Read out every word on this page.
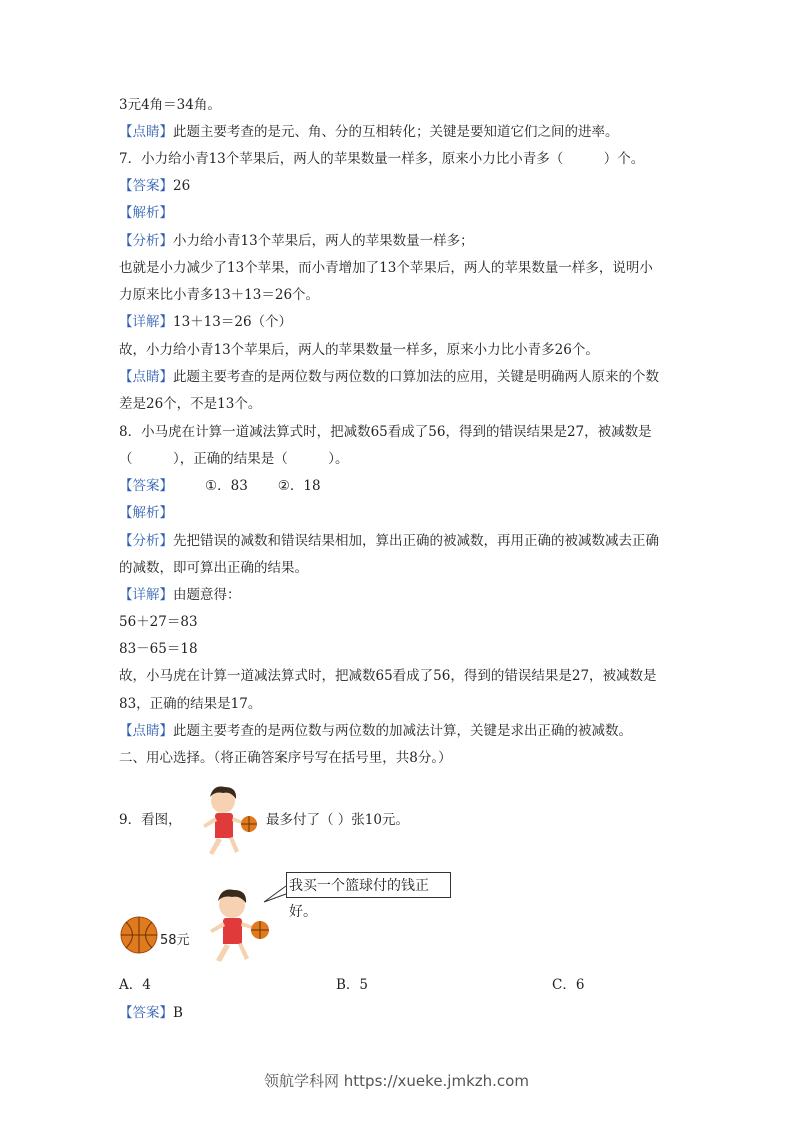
3元4角＝34角。
【点睛】此题主要考查的是元、角、分的互相转化；关键是要知道它们之间的进率。
7．小力给小青13个苹果后，两人的苹果数量一样多，原来小力比小青多（　　　）个。
【答案】26
【解析】
【分析】小力给小青13个苹果后，两人的苹果数量一样多；
也就是小力减少了13个苹果，而小青增加了13个苹果后，两人的苹果数量一样多，说明小
力原来比小青多13＋13＝26个。
【详解】13＋13＝26（个）
故，小力给小青13个苹果后，两人的苹果数量一样多，原来小力比小青多26个。
【点睛】此题主要考查的是两位数与两位数的口算加法的应用，关键是明确两人原来的个数
差是26个，不是13个。
8．小马虎在计算一道减法算式时，把减数65看成了56，得到的错误结果是27，被减数是
（　　　），正确的结果是（　　　）。
【答案】 ①．83 ②．18
【解析】
【分析】先把错误的减数和错误结果相加，算出正确的被减数，再用正确的被减数减去正确
的减数，即可算出正确的结果。
【详解】由题意得：
56＋27＝83
83－65＝18
故，小马虎在计算一道减法算式时，把减数65看成了56，得到的错误结果是27，被减数是
83，正确的结果是17。
【点睛】此题主要考查的是两位数与两位数的加减法计算，关键是求出正确的被减数。
二、用心选择。（将正确答案序号写在括号里，共8分。）
9．看图，	最多付了（ ）张10元。
我买一个篮球付的钱正好。
58元
A．4	B．5	C．6
【答案】B
领航学科网 https://xueke.jmkzh.com
